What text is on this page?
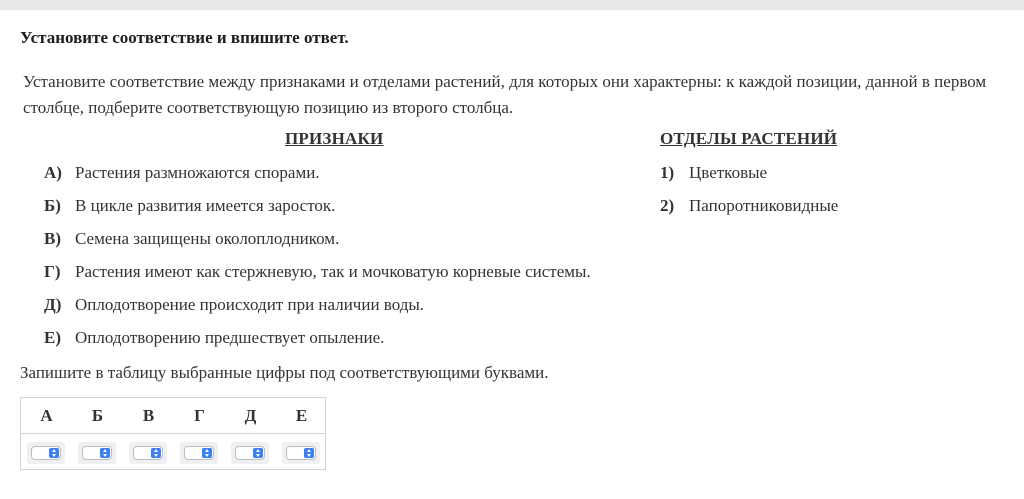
Установите соответствие и впишите ответ.
Установите соответствие между признаками и отделами растений, для которых они характерны: к каждой позиции, данной в первом столбце, подберите соответствующую позицию из второго столбца.
ПРИЗНАКИ	ОТДЕЛЫ РАСТЕНИЙ
А) Растения размножаются спорами.
Б) В цикле развития имеется заросток.
В) Семена защищены околоплодником.
Г) Растения имеют как стержневую, так и мочковатую корневые системы.
Д) Оплодотворение происходит при наличии воды.
Е) Оплодотворению предшествует опыление.
1) Цветковые
2) Папоротниковидные
Запишите в таблицу выбранные цифры под соответствующими буквами.
А	Б	В	Г	Д	Е
